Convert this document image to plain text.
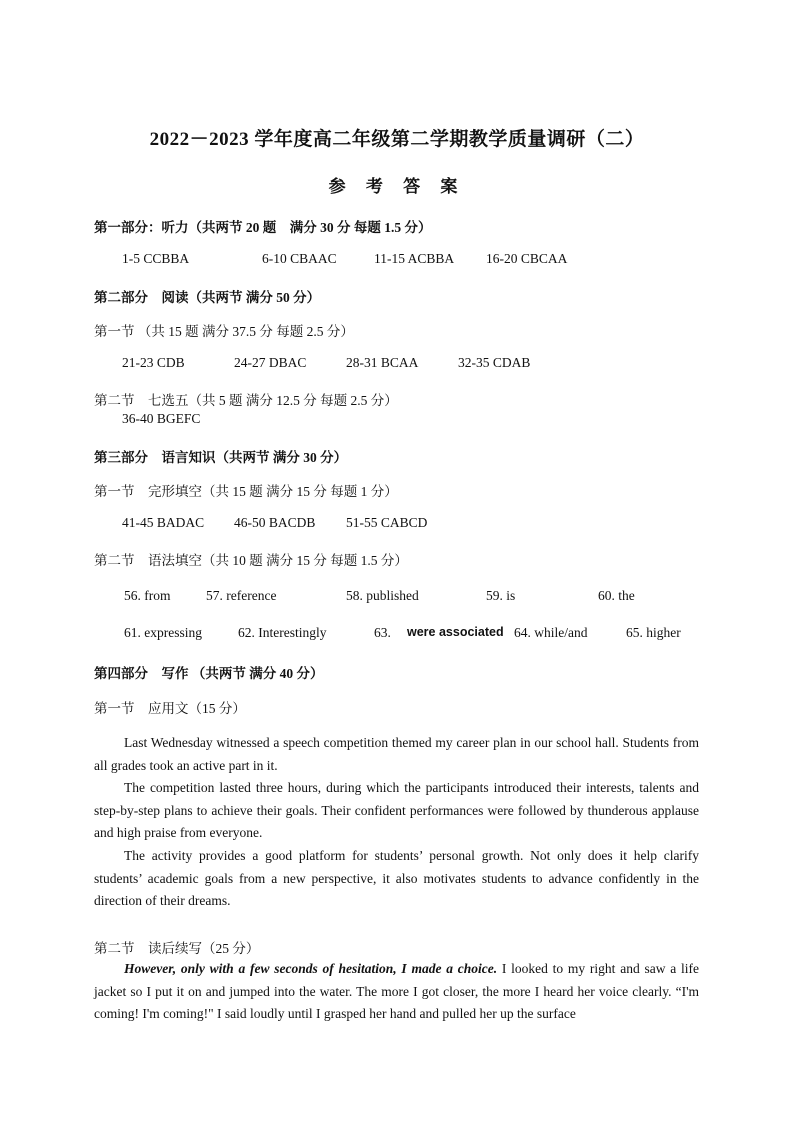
2022－2023 学年度高二年级第二学期教学质量调研（二）
参 考 答 案
第一部分：听力（共两节 20 题　满分 30 分 每题 1.5 分）
1-5 CCBBA	6-10 CBAAC	11-15 ACBBA 16-20 CBCAA
第二部分　阅读（共两节 满分 50 分）
第一节 （共 15 题 满分 37.5 分 每题 2.5 分）
21-23 CDB	24-27 DBAC	28-31 BCAA	32-35 CDAB
第二节　七选五（共 5 题 满分 12.5 分 每题 2.5 分）
36-40 BGEFC
第三部分　语言知识（共两节 满分 30 分）
第一节　完形填空（共 15 题 满分 15 分 每题 1 分）
41-45 BADAC 46-50 BACDB 51-55 CABCD
第二节　语法填空（共 10 题 满分 15 分 每题 1.5 分）
56. from	57. reference	58. published	59. is	60. the
61. expressing	62. Interestingly	63. were associated 64. while/and	65. higher
第四部分　写作 （共两节 满分 40 分）
第一节　应用文（15 分）

Last Wednesday witnessed a speech competition themed my career plan in our school hall. Students from all grades took an active part in it.

The competition lasted three hours, during which the participants introduced their interests, talents and step-by-step plans to achieve their goals. Their confident performances were followed by thunderous applause and high praise from everyone.

The activity provides a good platform for students’ personal growth. Not only does it help clarify students’ academic goals from a new perspective, it also motivates students to advance confidently in the direction of their dreams.

第二节　读后续写（25 分）

However, only with a few seconds of hesitation, I made a choice. I looked to my right and saw a life jacket so I put it on and jumped into the water. The more I got closer, the more I heard her voice clearly. “I'm coming! I'm coming!" I said loudly until I grasped her hand and pulled her up the surface
